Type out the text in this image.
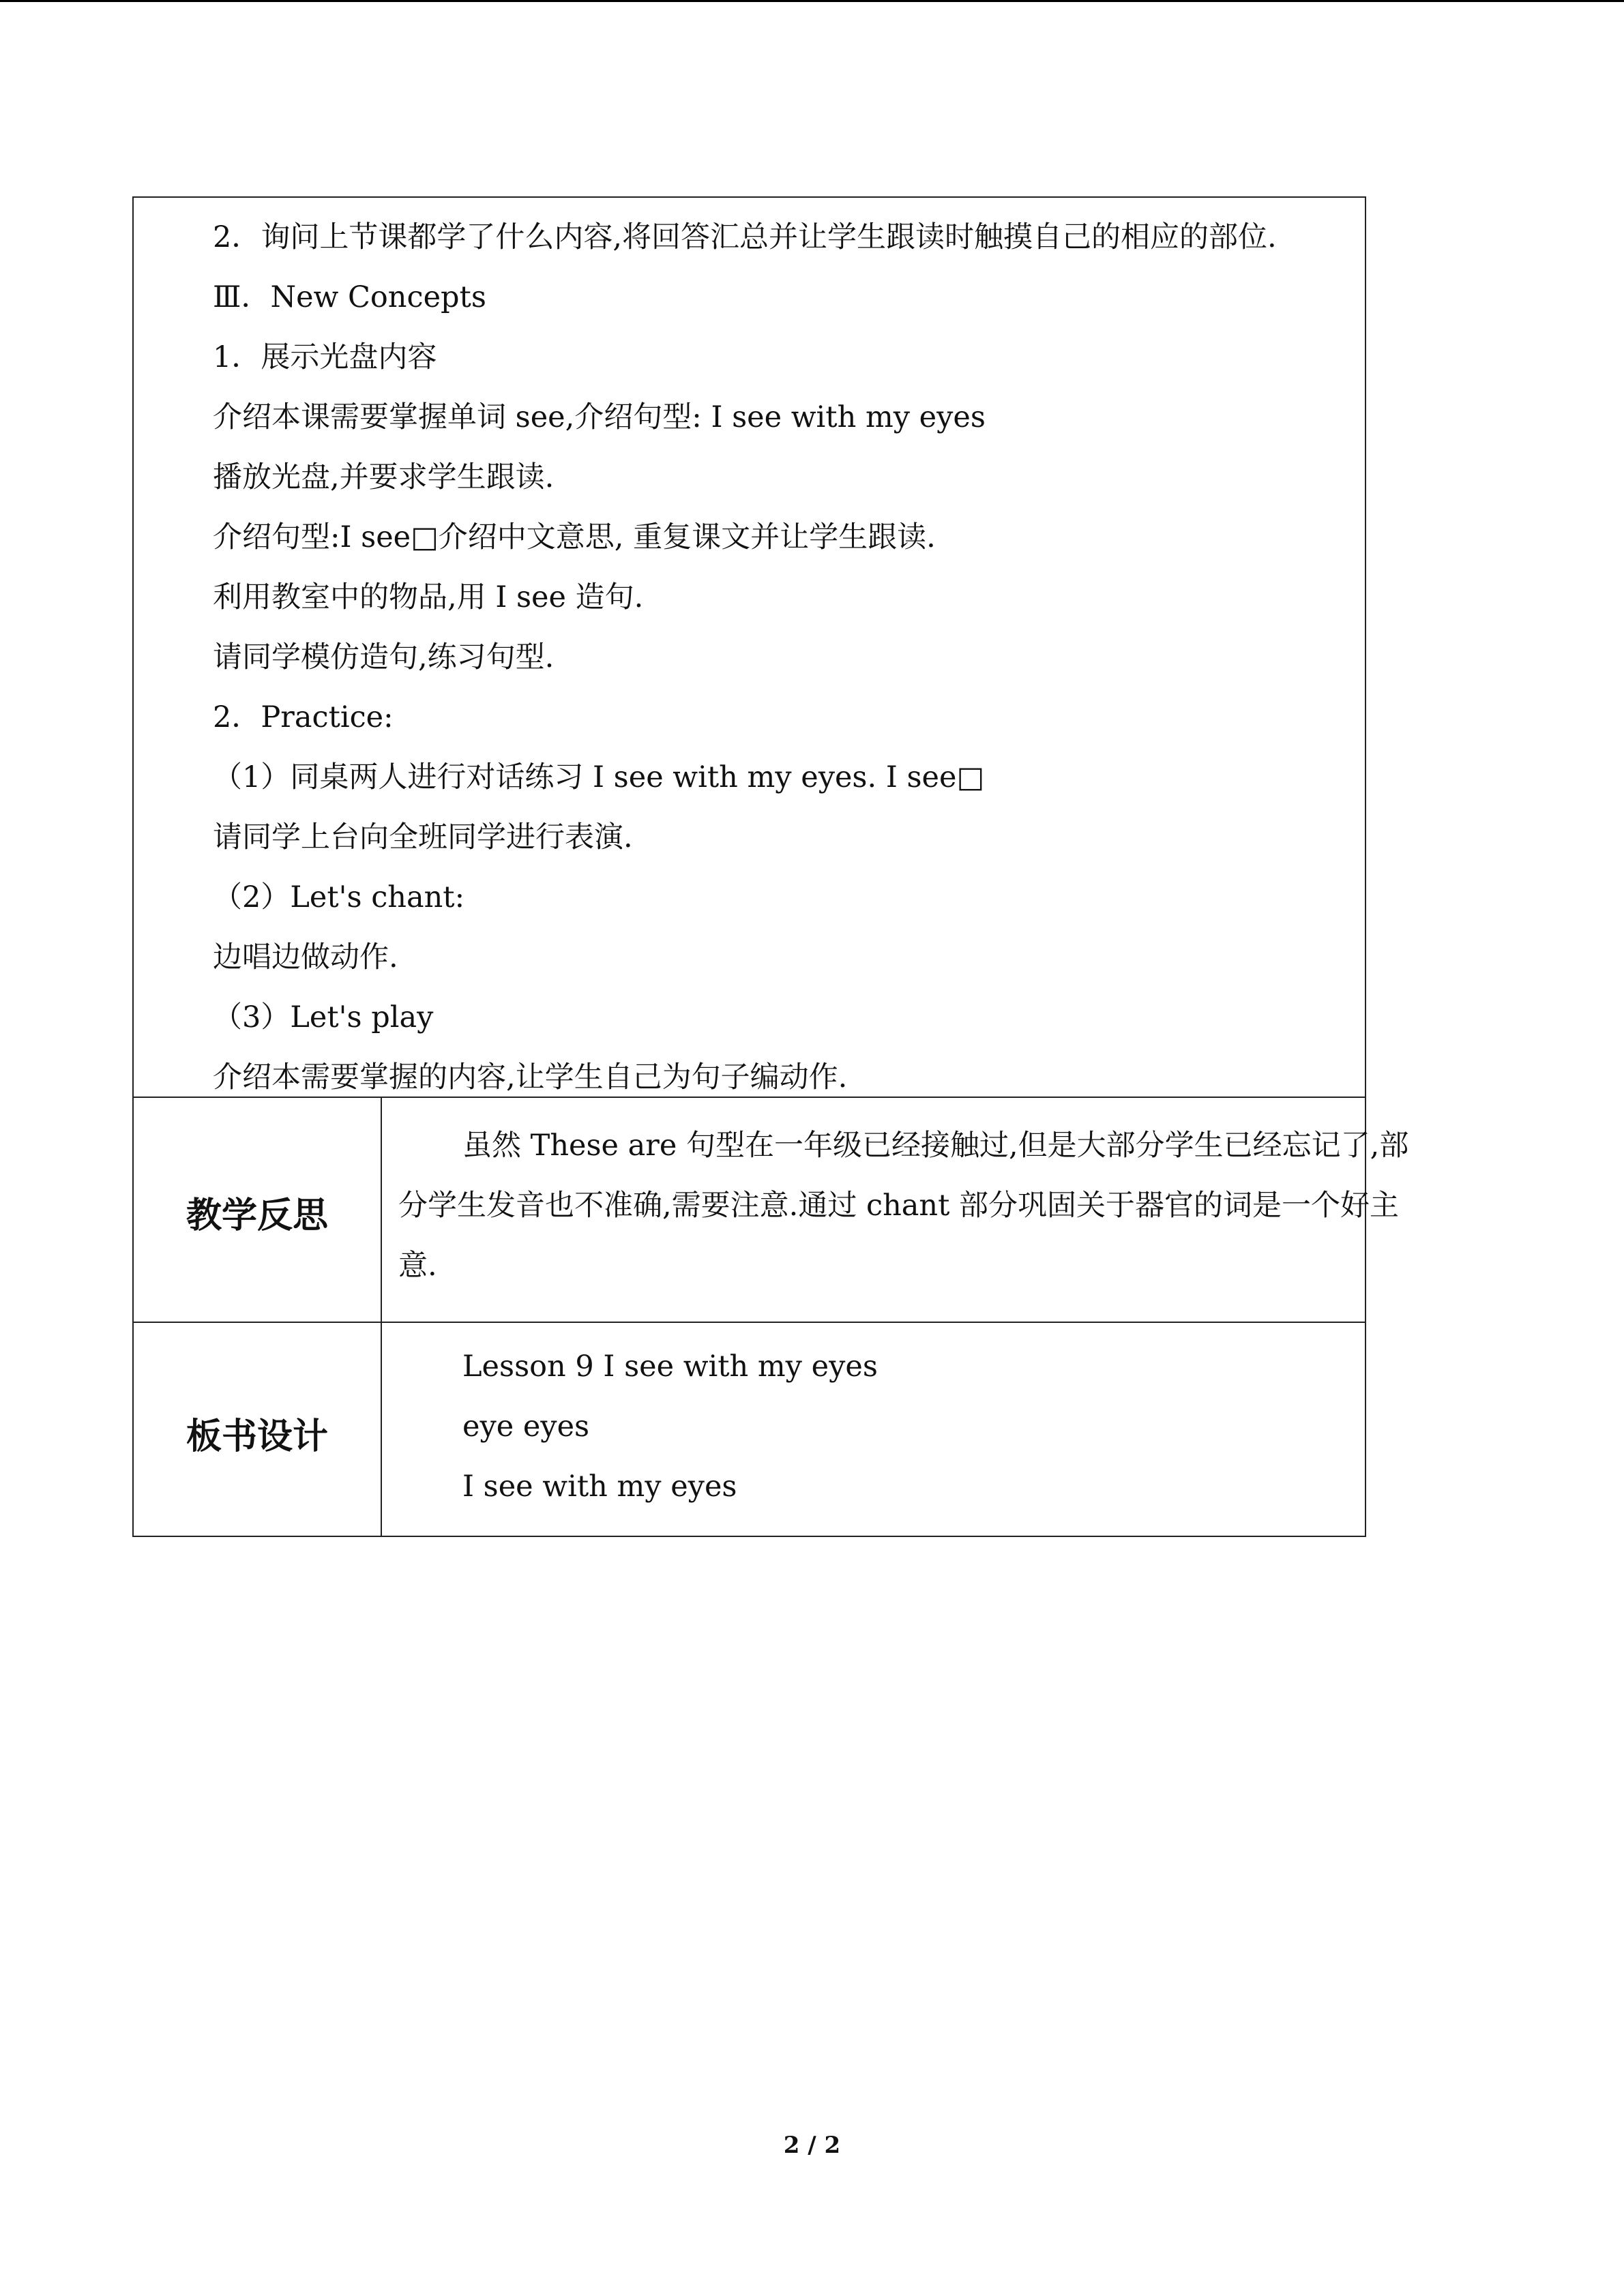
2．询问上节课都学了什么内容,将回答汇总并让学生跟读时触摸自己的相应的部位.
Ⅲ．New Concepts
1．展示光盘内容
介绍本课需要掌握单词 see,介绍句型: I see with my eyes
播放光盘,并要求学生跟读.
介绍句型:I see□介绍中文意思, 重复课文并让学生跟读.
利用教室中的物品,用 I see 造句.
请同学模仿造句,练习句型.
2．Practice:
（1）同桌两人进行对话练习 I see with my eyes. I see□
请同学上台向全班同学进行表演.
（2）Let's chant:
边唱边做动作.
（3）Let's play
介绍本需要掌握的内容,让学生自己为句子编动作.
教学反思
虽然 These are 句型在一年级已经接触过,但是大部分学生已经忘记了,部
分学生发音也不准确,需要注意.通过 chant 部分巩固关于器官的词是一个好主
意.
板书设计
Lesson 9 I see with my eyes
eye eyes
I see with my eyes
2 / 2
